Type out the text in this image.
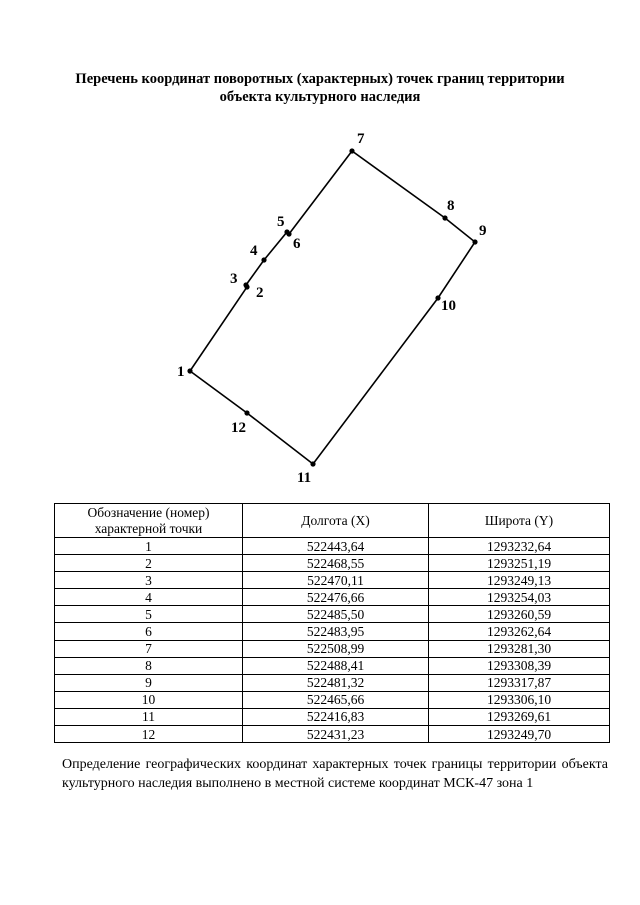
Перечень координат поворотных (характерных) точек границ территории
объекта культурного наследия
1
2
3
4
5
6
7
8
9
10
11
12
Обозначение (номер) характерной точки	Долгота (X)	Широта (Y)
1	522443,64	1293232,64
2	522468,55	1293251,19
3	522470,11	1293249,13
4	522476,66	1293254,03
5	522485,50	1293260,59
6	522483,95	1293262,64
7	522508,99	1293281,30
8	522488,41	1293308,39
9	522481,32	1293317,87
10	522465,66	1293306,10
11	522416,83	1293269,61
12	522431,23	1293249,70
Определение географических координат характерных точек границы территории объекта культурного наследия выполнено в местной системе координат МСК-47 зона 1
